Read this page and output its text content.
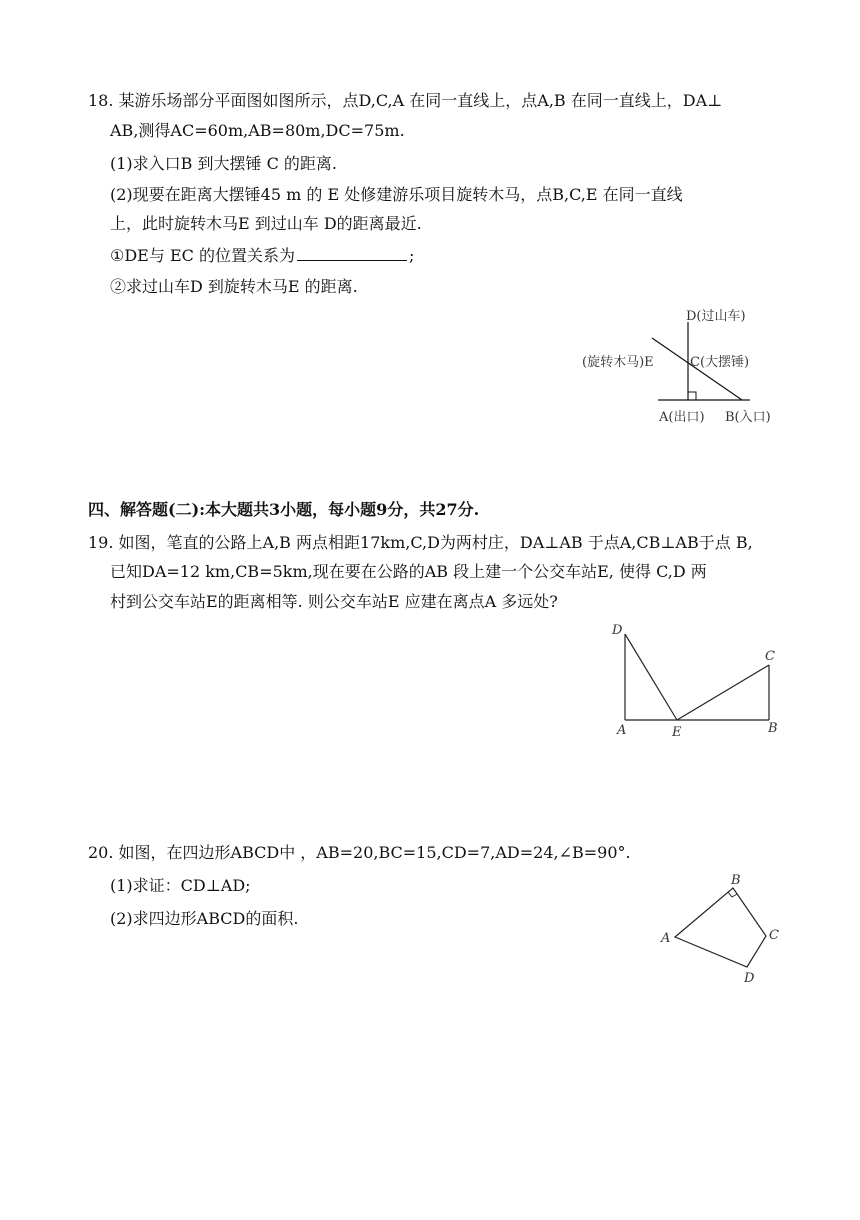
18. 某游乐场部分平面图如图所示，点D,C,A 在同一直线上，点A,B 在同一直线上，DA⊥
AB,测得AC=60m,AB=80m,DC=75m.
(1)求入口B 到大摆锤 C 的距离.
(2)现要在距离大摆锤45 m 的 E 处修建游乐项目旋转木马，点B,C,E 在同一直线
上，此时旋转木马E 到过山车 D的距离最近.
①DE与 EC 的位置关系为	;
②求过山车D 到旋转木马E 的距离.
D(过山车)
(旋转木马)E	C(大摆锤)
A(出口) B(入口)
四、解答题(二):本大题共3小题，每小题9分，共27分.
19. 如图，笔直的公路上A,B 两点相距17km,C,D为两村庄，DA⊥AB 于点A,CB⊥AB于点 B,
已知DA=12 km,CB=5km,现在要在公路的AB 段上建一个公交车站E, 使得 C,D 两
村到公交车站E的距离相等. 则公交车站E 应建在离点A 多远处?
D
C
A	E	B
20. 如图，在四边形ABCD中 ，AB=20,BC=15,CD=7,AD=24,∠B=90°.
(1)求证：CD⊥AD;
(2)求四边形ABCD的面积.
A
B
C
D
